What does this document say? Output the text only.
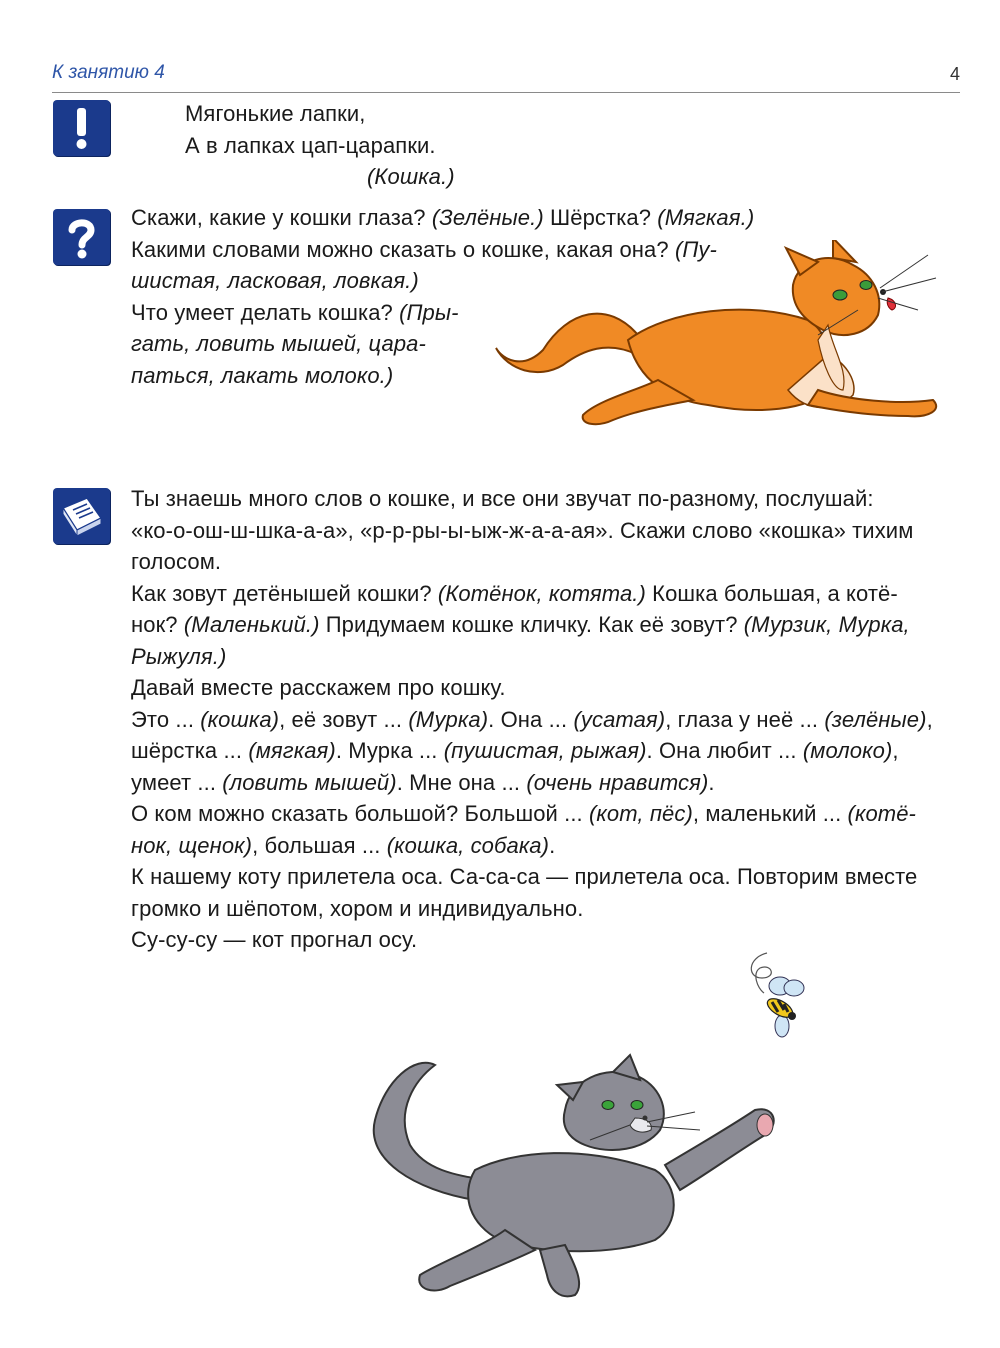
К занятию 4	4

Мягонькие лапки,

А в лапках цап-царапки.

(Кошка.)

Скажи, какие у кошки глаза? (Зелёные.) Шёрстка? (Мягкая.)

Какими словами можно сказать о кошке, какая она? (Пу-

шистая, ласковая, ловкая.)

Что умеет делать кошка? (Пры-

гать, ловить мышей, цара-

паться, лакать молоко.)

Ты знаешь много слов о кошке, и все они звучат по-разному, послушай:

«ко-о-ош-ш-шка-а-а», «р-р-ры-ы-ыж-ж-а-а-ая». Скажи слово «кошка» тихим

голосом.

Как зовут детёнышей кошки? (Котёнок, котята.) Кошка большая, а котё-

нок? (Маленький.) Придумаем кошке кличку. Как её зовут? (Мурзик, Мурка,

Рыжуля.)

Давай вместе расскажем про кошку.

Это ... (кошка), её зовут ... (Мурка). Она ... (усатая), глаза у неё ... (зелёные),

шёрстка ... (мягкая). Мурка ... (пушистая, рыжая). Она любит ... (молоко),

умеет ... (ловить мышей). Мне она ... (очень нравится).

О ком можно сказать большой? Большой ... (кот, пёс), маленький ... (котё-

нок, щенок), большая ... (кошка, собака).

К нашему коту прилетела оса. Са-са-са — прилетела оса. Повторим вместе

громко и шёпотом, хором и индивидуально.

Су-су-су — кот прогнал осу.
